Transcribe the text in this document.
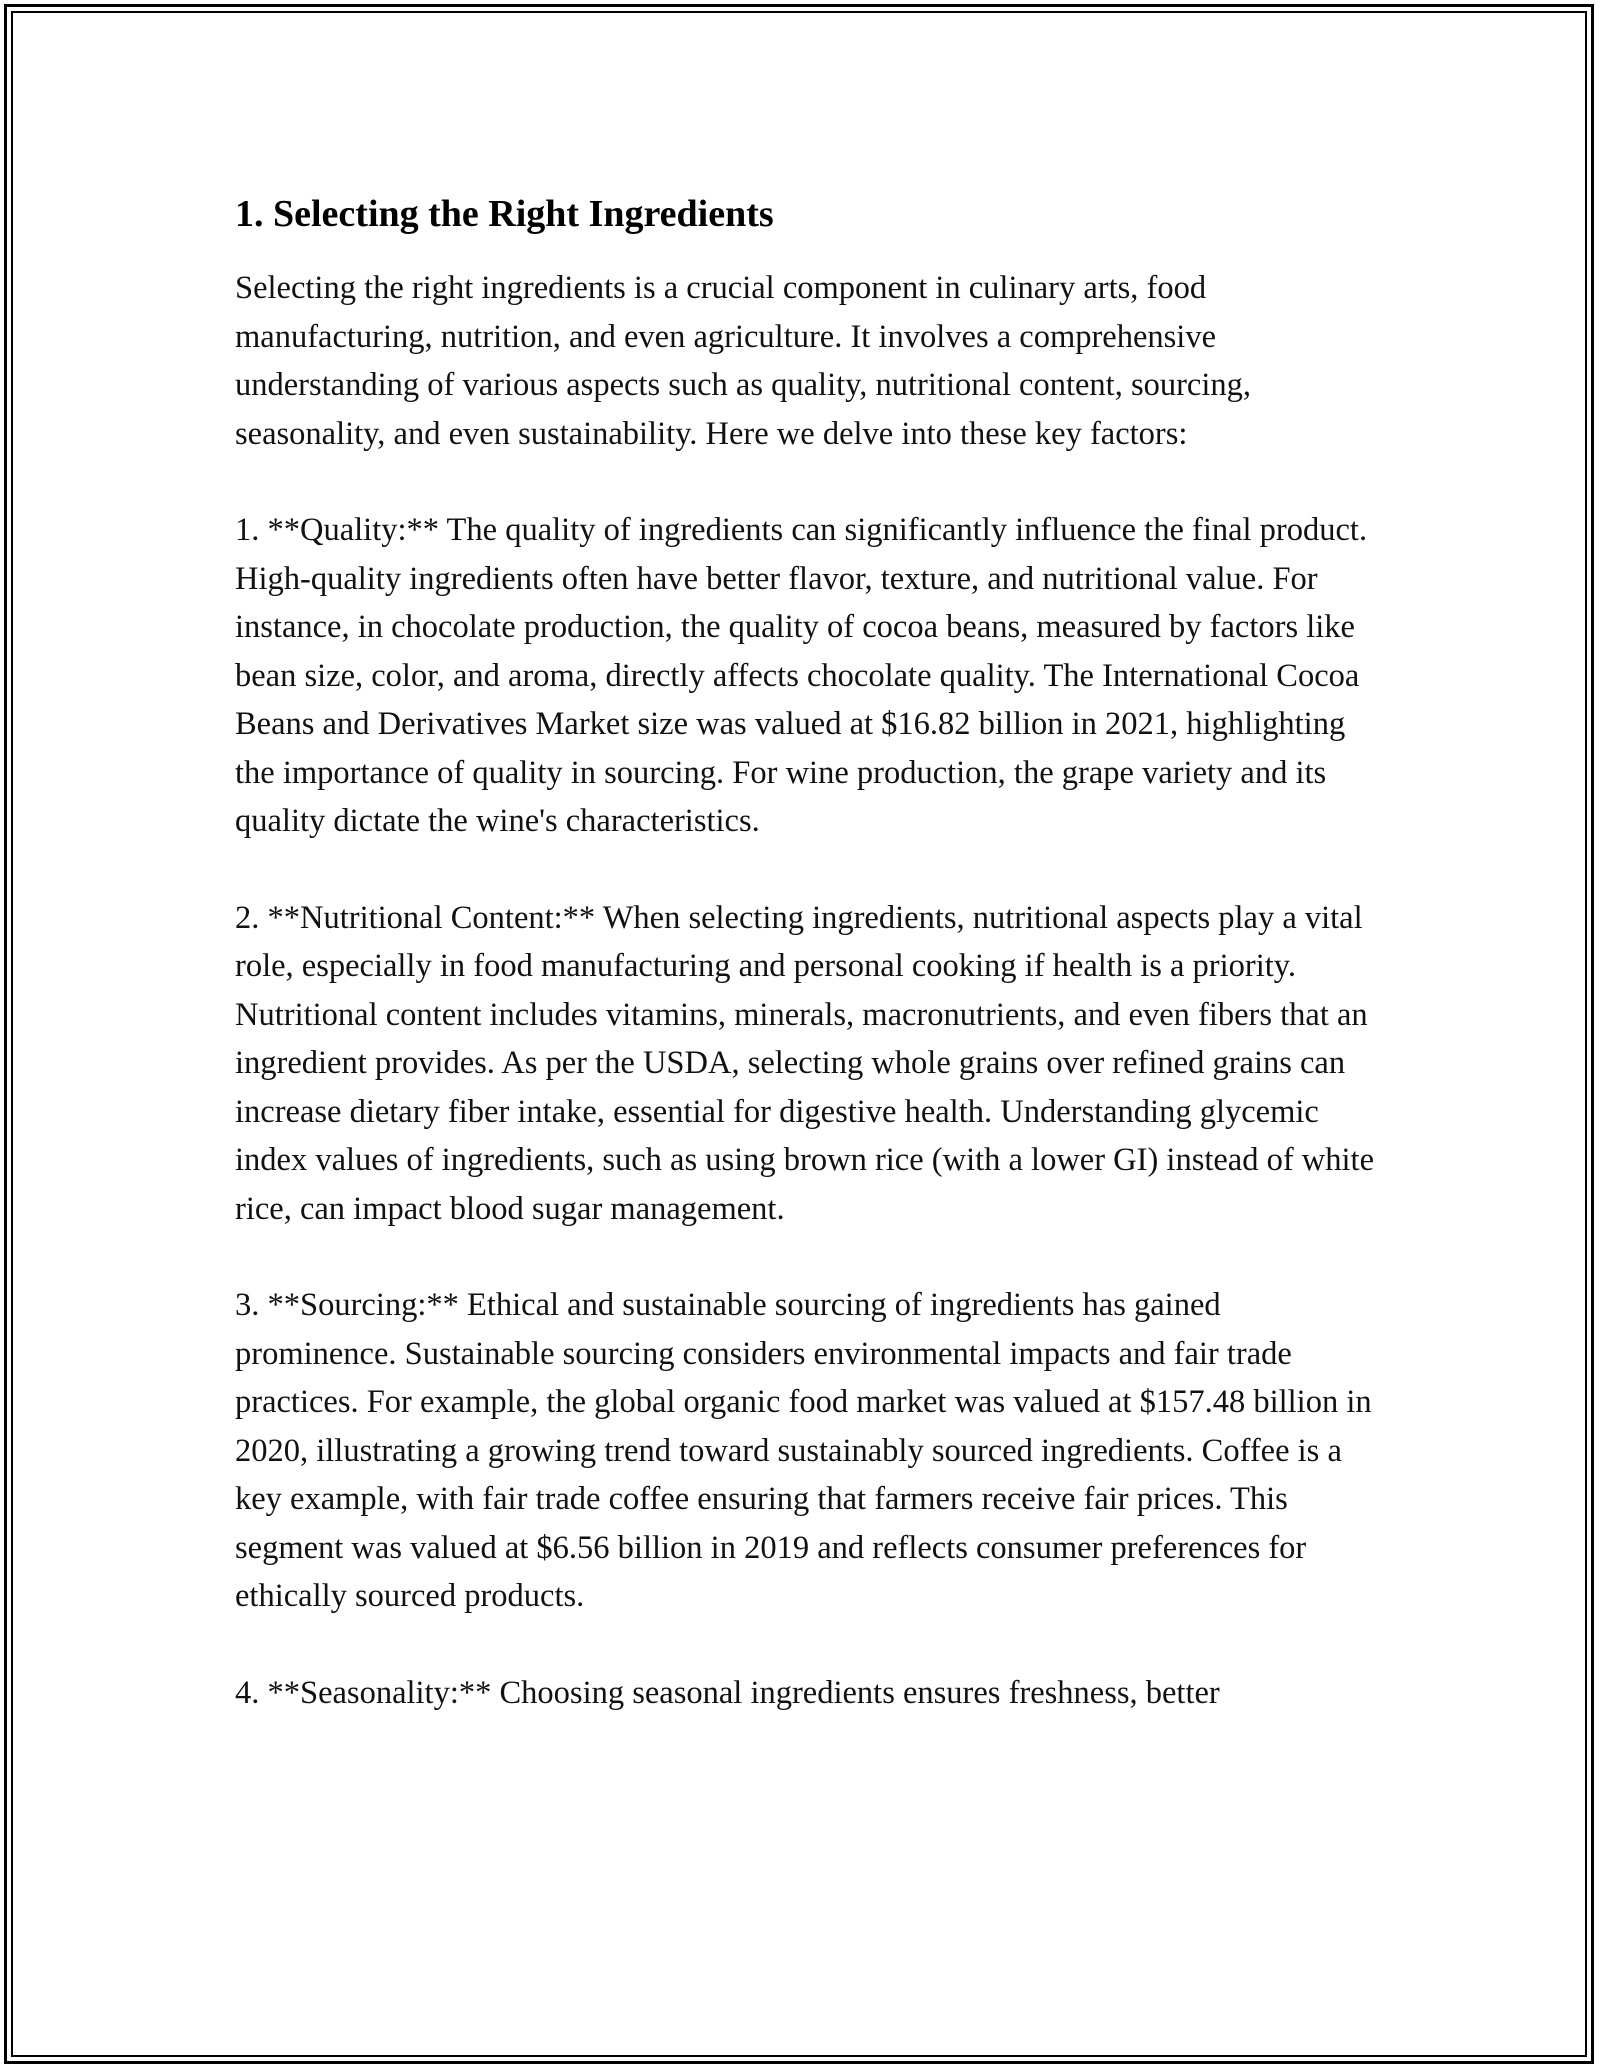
1. Selecting the Right Ingredients

Selecting the right ingredients is a crucial component in culinary arts, food manufacturing, nutrition, and even agriculture. It involves a comprehensive understanding of various aspects such as quality, nutritional content, sourcing, seasonality, and even sustainability. Here we delve into these key factors:

1. **Quality:** The quality of ingredients can significantly influence the final product. High-quality ingredients often have better flavor, texture, and nutritional value. For instance, in chocolate production, the quality of cocoa beans, measured by factors like bean size, color, and aroma, directly affects chocolate quality. The International Cocoa Beans and Derivatives Market size was valued at $16.82 billion in 2021, highlighting the importance of quality in sourcing. For wine production, the grape variety and its quality dictate the wine's characteristics.

2. **Nutritional Content:** When selecting ingredients, nutritional aspects play a vital role, especially in food manufacturing and personal cooking if health is a priority. Nutritional content includes vitamins, minerals, macronutrients, and even fibers that an ingredient provides. As per the USDA, selecting whole grains over refined grains can increase dietary fiber intake, essential for digestive health. Understanding glycemic index values of ingredients, such as using brown rice (with a lower GI) instead of white rice, can impact blood sugar management.

3. **Sourcing:** Ethical and sustainable sourcing of ingredients has gained prominence. Sustainable sourcing considers environmental impacts and fair trade practices. For example, the global organic food market was valued at $157.48 billion in 2020, illustrating a growing trend toward sustainably sourced ingredients. Coffee is a key example, with fair trade coffee ensuring that farmers receive fair prices. This segment was valued at $6.56 billion in 2019 and reflects consumer preferences for ethically sourced products.

4. **Seasonality:** Choosing seasonal ingredients ensures freshness, better
